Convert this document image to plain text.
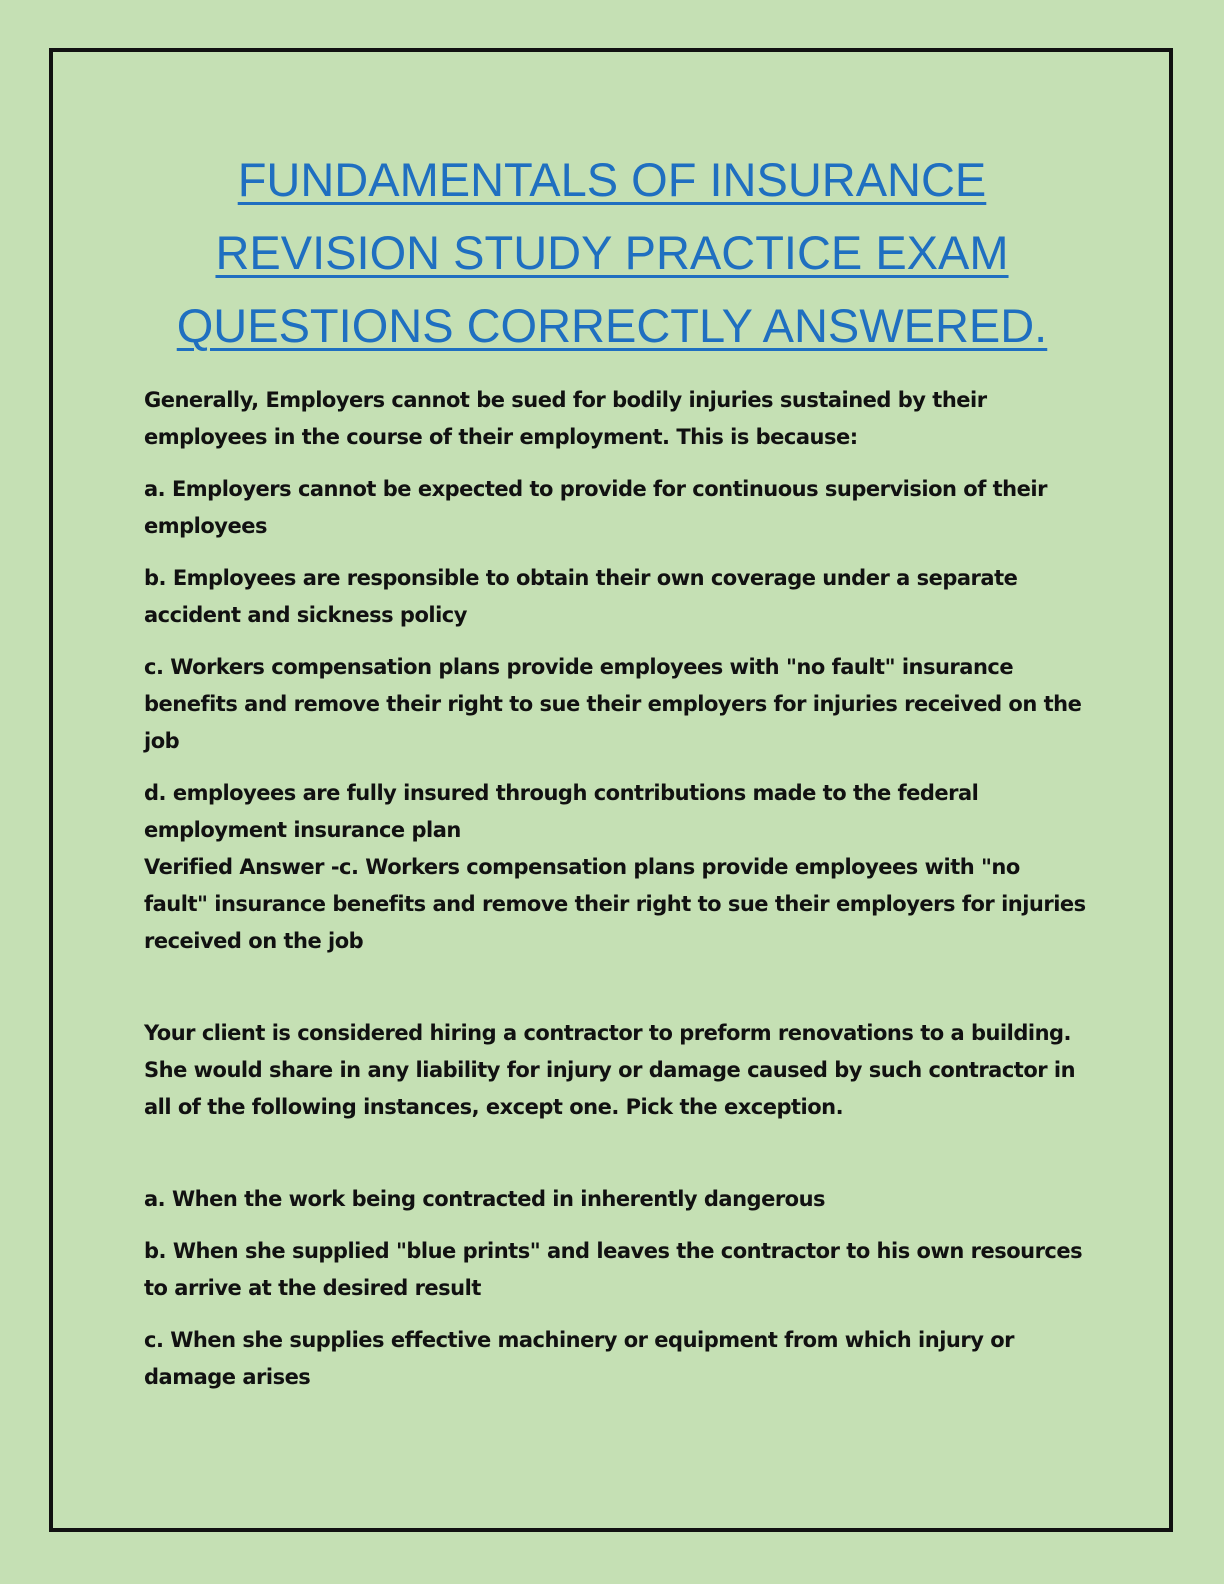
FUNDAMENTALS OF INSURANCE
REVISION STUDY PRACTICE EXAM
QUESTIONS CORRECTLY ANSWERED.

Generally, Employers cannot be sued for bodily injuries sustained by their employees in the course of their employment. This is because:

a. Employers cannot be expected to provide for continuous supervision of their employees

b. Employees are responsible to obtain their own coverage under a separate accident and sickness policy

c. Workers compensation plans provide employees with "no fault" insurance benefits and remove their right to sue their employers for injuries received on the job

d. employees are fully insured through contributions made to the federal employment insurance plan

Verified Answer -c. Workers compensation plans provide employees with "no fault" insurance benefits and remove their right to sue their employers for injuries received on the job

Your client is considered hiring a contractor to preform renovations to a building. She would share in any liability for injury or damage caused by such contractor in all of the following instances, except one. Pick the exception.

a. When the work being contracted in inherently dangerous

b. When she supplied "blue prints" and leaves the contractor to his own resources to arrive at the desired result

c. When she supplies effective machinery or equipment from which injury or damage arises
